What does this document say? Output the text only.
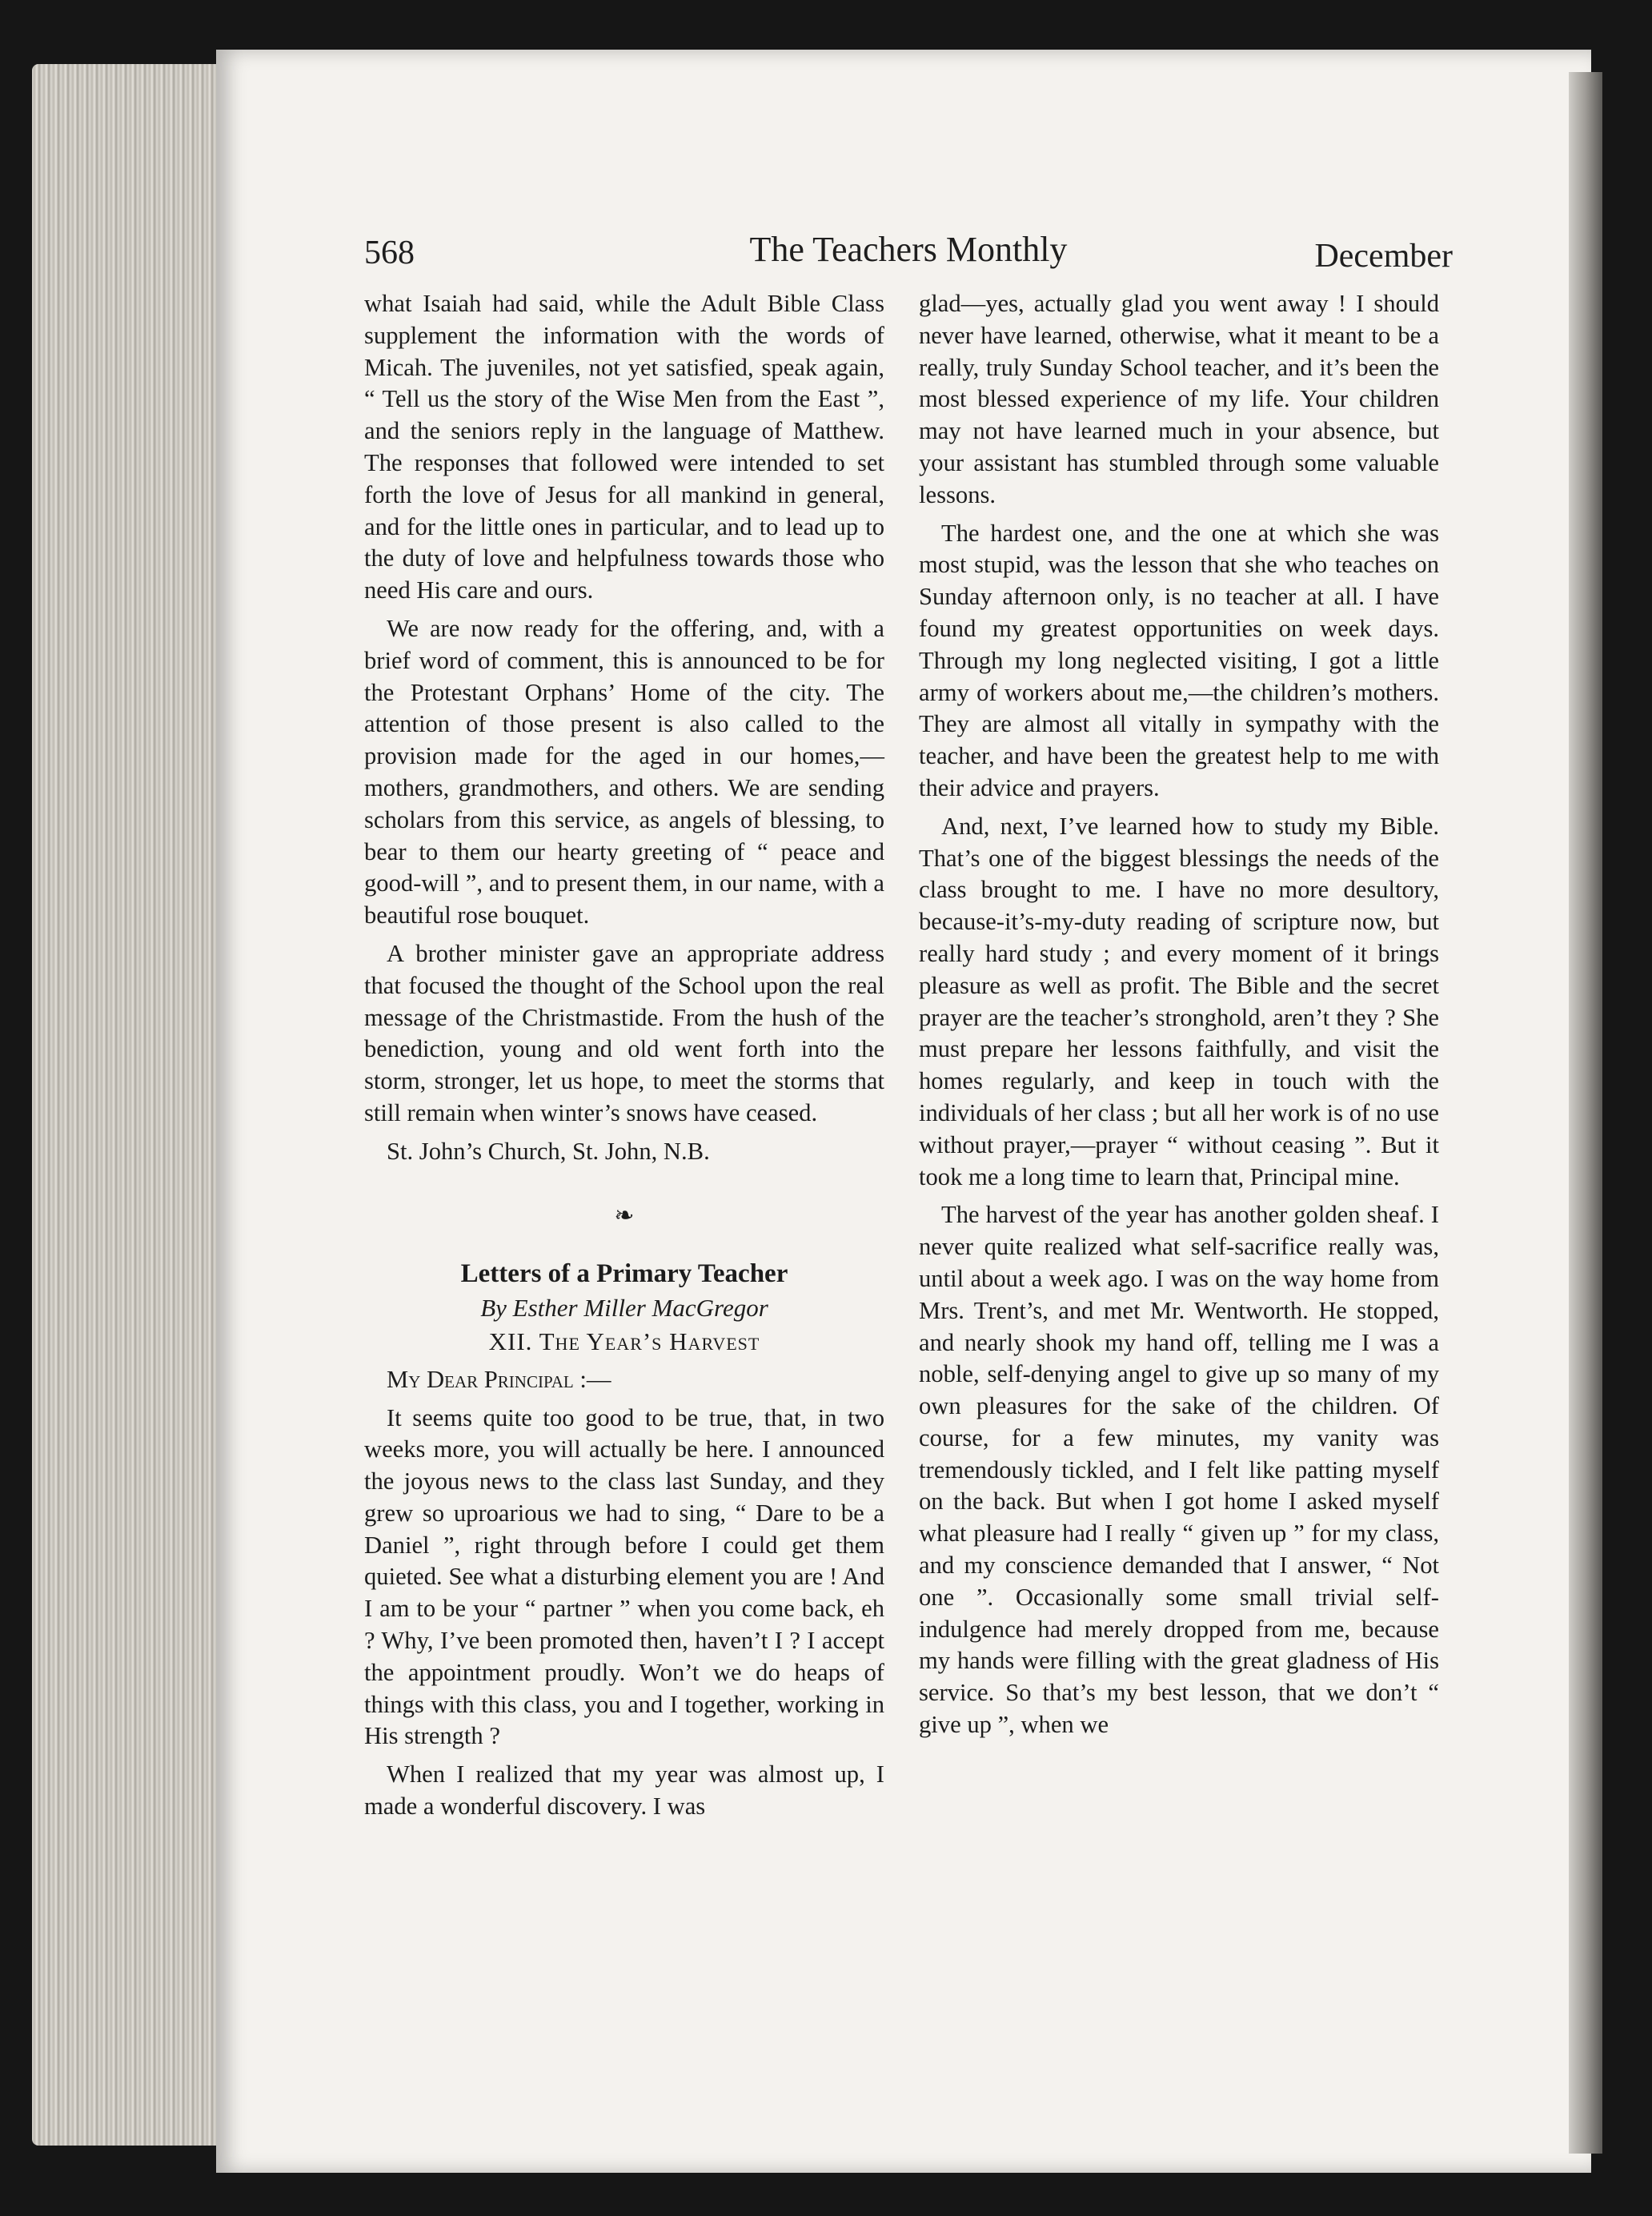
568	The Teachers Monthly	December

what Isaiah had said, while the Adult Bible Class supplement the information with the words of Micah. The juveniles, not yet satisfied, speak again, “ Tell us the story of the Wise Men from the East ”, and the seniors reply in the language of Matthew. The responses that followed were intended to set forth the love of Jesus for all mankind in general, and for the little ones in particular, and to lead up to the duty of love and helpfulness towards those who need His care and ours.

We are now ready for the offering, and, with a brief word of comment, this is announced to be for the Protestant Orphans’ Home of the city. The attention of those present is also called to the provision made for the aged in our homes,—mothers, grandmothers, and others. We are sending scholars from this service, as angels of blessing, to bear to them our hearty greeting of “ peace and good-will ”, and to present them, in our name, with a beautiful rose bouquet.

A brother minister gave an appropriate address that focused the thought of the School upon the real message of the Christmastide. From the hush of the benediction, young and old went forth into the storm, stronger, let us hope, to meet the storms that still remain when winter’s snows have ceased.

St. John’s Church, St. John, N.B.

❧
Letters of a Primary Teacher
By Esther Miller MacGregor
XII. The Year’s Harvest

My Dear Principal :—

It seems quite too good to be true, that, in two weeks more, you will actually be here. I announced the joyous news to the class last Sunday, and they grew so uproarious we had to sing, “ Dare to be a Daniel ”, right through before I could get them quieted. See what a disturbing element you are ! And I am to be your “ partner ” when you come back, eh ? Why, I’ve been promoted then, haven’t I ? I accept the appointment proudly. Won’t we do heaps of things with this class, you and I together, working in His strength ?

When I realized that my year was almost up, I made a wonderful discovery. I was

glad—yes, actually glad you went away ! I should never have learned, otherwise, what it meant to be a really, truly Sunday School teacher, and it’s been the most blessed experience of my life. Your children may not have learned much in your absence, but your assistant has stumbled through some valuable lessons.

The hardest one, and the one at which she was most stupid, was the lesson that she who teaches on Sunday afternoon only, is no teacher at all. I have found my greatest opportunities on week days. Through my long neglected visiting, I got a little army of workers about me,—the children’s mothers. They are almost all vitally in sympathy with the teacher, and have been the greatest help to me with their advice and prayers.

And, next, I’ve learned how to study my Bible. That’s one of the biggest blessings the needs of the class brought to me. I have no more desultory, because-it’s-my-duty reading of scripture now, but really hard study ; and every moment of it brings pleasure as well as profit. The Bible and the secret prayer are the teacher’s stronghold, aren’t they ? She must prepare her lessons faithfully, and visit the homes regularly, and keep in touch with the individuals of her class ; but all her work is of no use without prayer,—prayer “ without ceasing ”. But it took me a long time to learn that, Principal mine.

The harvest of the year has another golden sheaf. I never quite realized what self-sacrifice really was, until about a week ago. I was on the way home from Mrs. Trent’s, and met Mr. Wentworth. He stopped, and nearly shook my hand off, telling me I was a noble, self-denying angel to give up so many of my own pleasures for the sake of the children. Of course, for a few minutes, my vanity was tremendously tickled, and I felt like patting myself on the back. But when I got home I asked myself what pleasure had I really “ given up ” for my class, and my conscience demanded that I answer, “ Not one ”. Occasionally some small trivial self-indulgence had merely dropped from me, because my hands were filling with the great gladness of His service. So that’s my best lesson, that we don’t “ give up ”, when we
